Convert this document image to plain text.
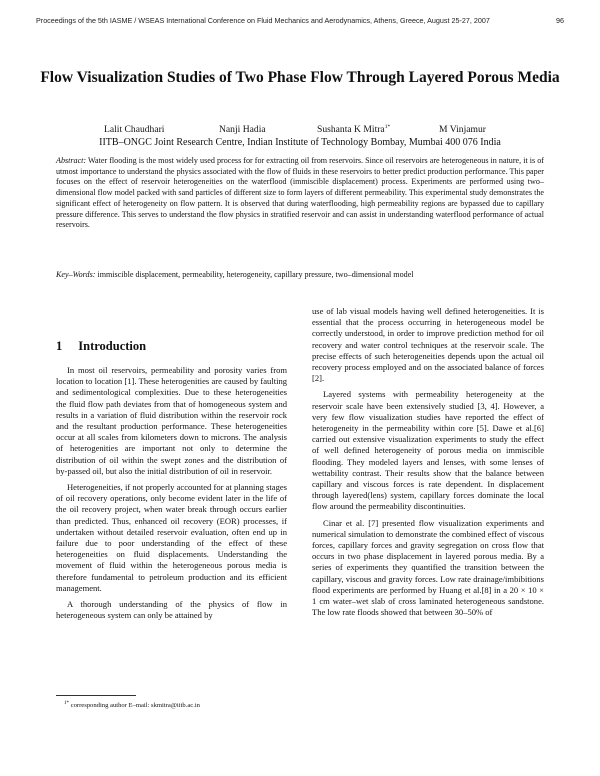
Proceedings of the 5th IASME / WSEAS International Conference on Fluid Mechanics and Aerodynamics, Athens, Greece, August 25-27, 2007	96
Flow Visualization Studies of Two Phase Flow Through Layered Porous Media
Lalit Chaudhari	Nanji Hadia	Sushanta K Mitra$^{1*}$	M Vinjamur
IITB–ONGC Joint Research Centre, Indian Institute of Technology Bombay, Mumbai 400 076 India
Abstract: Water flooding is the most widely used process for for extracting oil from reservoirs. Since oil reservoirs are heterogeneous in nature, it is of utmost importance to understand the physics associated with the flow of fluids in these reservoirs to better predict production performance. This paper focuses on the effect of reservoir heterogeneities on the waterflood (immiscible displacement) process. Experiments are performed using two–dimensional flow model packed with sand particles of different size to form layers of different permeability. This experimental study demonstrates the significant effect of heterogeneity on flow pattern. It is observed that during waterflooding, high permeability regions are bypassed due to capillary pressure difference. This serves to understand the flow physics in stratified reservoir and can assist in understanding waterflood performance of actual reservoirs.
Key–Words: immiscible displacement, permeability, heterogeneity, capillary pressure, two–dimensional model
1 Introduction

In most oil reservoirs, permeability and porosity varies from location to location [1]. These heterogenities are caused by faulting and sedimentological complexities. Due to these heterogeneities the fluid flow path deviates from that of homogeneous system and results in a variation of fluid distribution within the reservoir rock and the resultant production performance. These heterogeneities occur at all scales from kilometers down to microns. The analysis of heterogenities are important not only to determine the distribution of oil within the swept zones and the distribution of by-passed oil, but also the initial distribution of oil in reservoir.

Heterogeneities, if not properly accounted for at planning stages of oil recovery operations, only become evident later in the life of the oil recovery project, when water break through occurs earlier than predicted. Thus, enhanced oil recovery (EOR) processes, if undertaken without detailed reservoir evaluation, often end up in failure due to poor understanding of the effect of these heterogeneities on fluid displacements. Understanding the movement of fluid within the heterogeneous porous media is therefore fundamental to petroleum production and its efficient management.

A thorough understanding of the physics of flow in heterogeneous system can only be attained by

use of lab visual models having well defined heterogeneities. It is essential that the process occurring in heterogeneous model be correctly understood, in order to improve prediction method for oil recovery and water control techniques at the reservoir scale. The precise effects of such heterogeneities depends upon the actual oil recovery process employed and on the associated balance of forces [2].

Layered systems with permeability heterogeneity at the reservoir scale have been extensively studied [3, 4]. However, a very few flow visualization studies have reported the effect of heterogeneity in the permeability within core [5]. Dawe et al.[6] carried out extensive visualization experiments to study the effect of well defined heterogeneity of porous media on immiscible flooding. They modeled layers and lenses, with some lenses of wettability contrast. Their results show that the balance between capillary and viscous forces is rate dependent. In displacement through layered(lens) system, capillary forces dominate the local flow around the permeability discontinuities.

Cinar et al. [7] presented flow visualization experiments and numerical simulation to demonstrate the combined effect of viscous forces, capillary forces and gravity segregation on cross flow that occurs in two phase displacement in layered porous media. By a series of experiments they quantified the transition between the capillary, viscous and gravity forces. Low rate drainage/imbibitions flood experiments are performed by Huang et al.[8] in a 20 × 10 × 1 cm water–wet slab of cross laminated heterogeneous sandstone. The low rate floods showed that between 30–50% of

$^{1*}$ corresponding author E–mail: skmitra@iitb.ac.in
